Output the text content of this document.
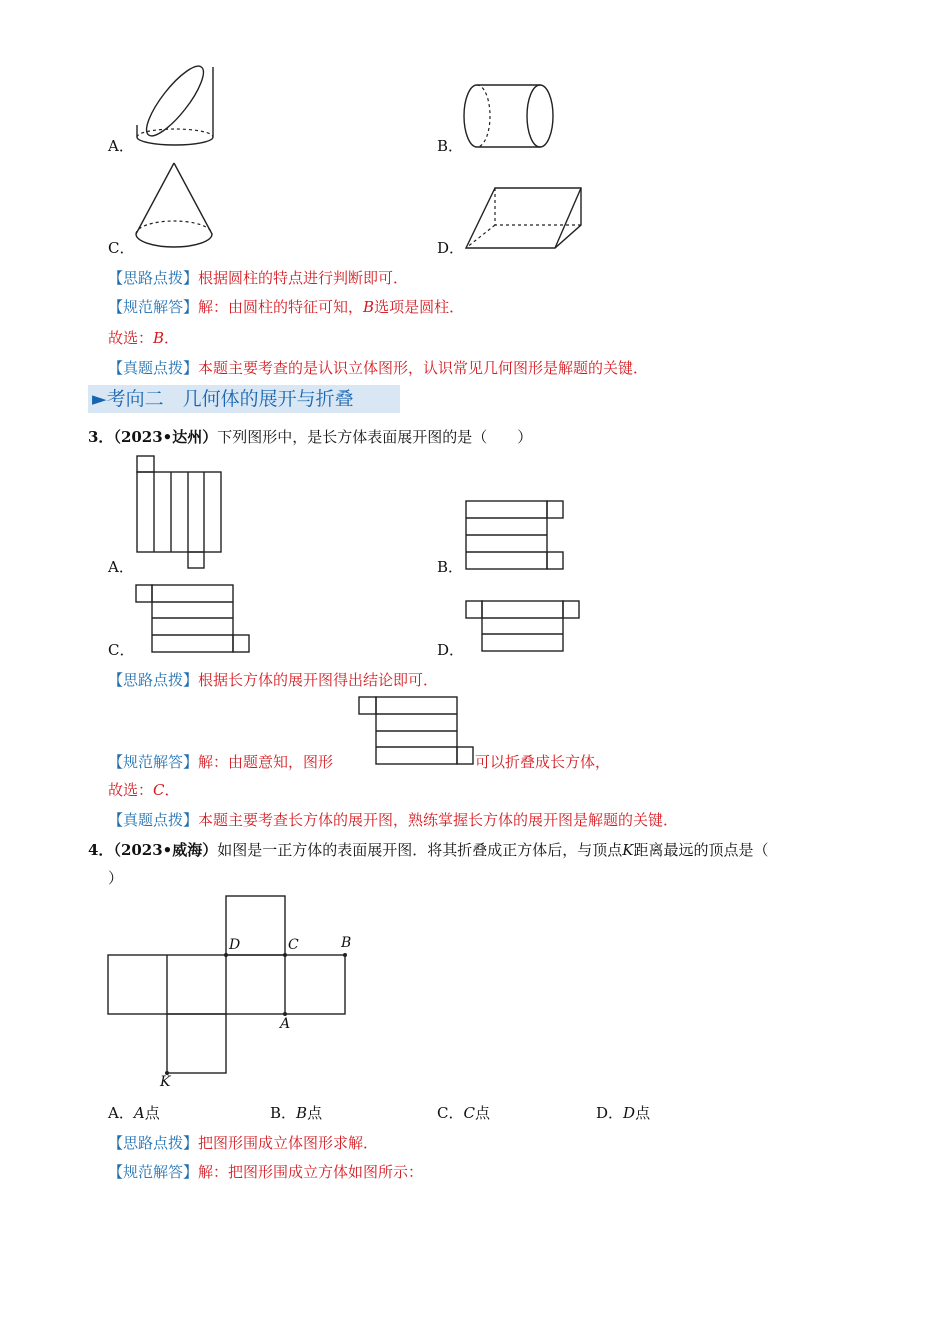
A．	B．
C．	D．
【思路点拨】根据圆柱的特点进行判断即可．
【规范解答】解：由圆柱的特征可知，B选项是圆柱．
故选：B．
【真题点拨】本题主要考查的是认识立体图形，认识常见几何图形是解题的关键．
►考向二　几何体的展开与折叠
3．（2023•达州）下列图形中，是长方体表面展开图的是（　　）
A．	B．
C．	D．
【思路点拨】根据长方体的展开图得出结论即可．
【规范解答】解：由题意知，图形	可以折叠成长方体，
故选：C．
【真题点拨】本题主要考查长方体的展开图，熟练掌握长方体的展开图是解题的关键．
4．（2023•威海）如图是一正方体的表面展开图．将其折叠成正方体后，与顶点K距离最远的顶点是（
）
D	C	B
A
K
A．A点	B．B点	C．C点	D．D点
【思路点拨】把图形围成立体图形求解．
【规范解答】解：把图形围成立方体如图所示：
